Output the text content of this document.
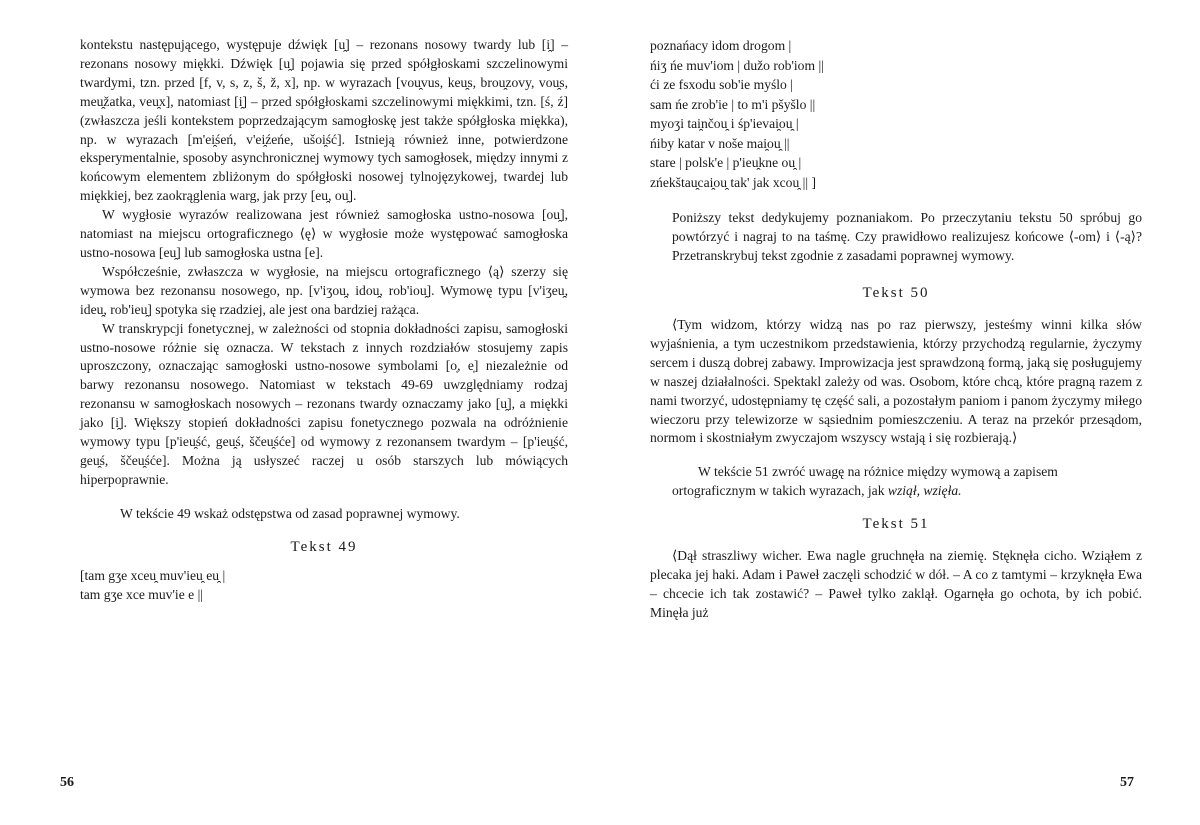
kontekstu następującego, występuje dźwięk [u̯] – rezonans nosowy twardy lub [i̯] – rezonans nosowy miękki. Dźwięk [u̯] pojawia się przed spółgłoskami szczelinowymi twardymi, tzn. przed [f, v, s, z, š, ž, x], np. w wyrazach [vou̯vus, keu̯s, brou̯zovy, vou̯s, meu̯žatka, veu̯x], natomiast [i̯] – przed spółgłoskami szczelinowymi miękkimi, tzn. [ś, ź] (zwłaszcza jeśli kontekstem poprzedzającym samogłoskę jest także spółgłoska miękka), np. w wyrazach [m'ei̯śeń, v'ei̯źeńe, ušoi̯ść]. Istnieją również inne, potwierdzone eksperymentalnie, sposoby asynchronicznej wymowy tych samogłosek, między innymi z końcowym elementem zbliżonym do spółgłoski nosowej tylnojęzykowej, twardej lub miękkiej, bez zaokrąglenia warg, jak przy [eu̯, ou̯].

W wygłosie wyrazów realizowana jest również samogłoska ustno-nosowa [ou̯], natomiast na miejscu ortograficznego ⟨ę⟩ w wygłosie może występować samogłoska ustno-nosowa [eu̯] lub samogłoska ustna [e].

Współcześnie, zwłaszcza w wygłosie, na miejscu ortograficznego ⟨ą⟩ szerzy się wymowa bez rezonansu nosowego, np. [v'iʒou̯, idou̯, rob'iou̯]. Wymowę typu [v'iʒeu̯, ideu̯, rob'ieu̯] spotyka się rzadziej, ale jest ona bardziej rażąca.

W transkrypcji fonetycznej, w zależności od stopnia dokładności zapisu, samogłoski ustno-nosowe różnie się oznacza. W tekstach z innych rozdziałów stosujemy zapis uproszczony, oznaczając samogłoski ustno-nosowe symbolami [o̜, e̜] niezależnie od barwy rezonansu nosowego. Natomiast w tekstach 49-69 uwzględniamy rodzaj rezonansu w samogłoskach nosowych – rezonans twardy oznaczamy jako [u̯], a miękki jako [i̯]. Większy stopień dokładności zapisu fonetycznego pozwala na odróżnienie wymowy typu [p'ieu̯ść, geu̯ś, ščeu̯śće] od wymowy z rezonansem twardym – [p'ieu̯ść, geu̯ś, ščeu̯śće]. Można ją usłyszeć raczej u osób starszych lub mówiących hiperpoprawnie.

W tekście 49 wskaż odstępstwa od zasad poprawnej wymowy.

Tekst 49

[tam gʒe xceu̯ muv'ieu̯ eu̯ |

tam gʒe xce muv'ie e ||

56

poznańacy idom drogom |

ńiʒ ńe muv'iom | dužo rob'iom ||

ći ze fsxodu sob'ie myślo |

sam ńe zrob'ie | to m'i pšyšlo ||

myoʒi tai̯nčou̯ i śp'ievai̯ou̯ |

ńiby katar v noše mai̯ou̯ ||

stare | polsk'e | p'ieu̯kne ou̯ |

zńekštau̯cai̯ou̯ tak' jak xcou̯ || ]

Poniższy tekst dedykujemy poznaniakom. Po przeczytaniu tekstu 50 spróbuj go powtórzyć i nagraj to na taśmę. Czy prawidłowo realizujesz końcowe ⟨-om⟩ i ⟨-ą⟩? Przetranskrybuj tekst zgodnie z zasadami poprawnej wymowy.

Tekst 50

⟨Tym widzom, którzy widzą nas po raz pierwszy, jesteśmy winni kilka słów wyjaśnienia, a tym uczestnikom przedstawienia, którzy przychodzą regularnie, życzymy sercem i duszą dobrej zabawy. Improwizacja jest sprawdzoną formą, jaką się posługujemy w naszej działalności. Spektakl zależy od was. Osobom, które chcą, które pragną razem z nami tworzyć, udostępniamy tę część sali, a pozostałym paniom i panom życzymy miłego wieczoru przy telewizorze w sąsiednim pomieszczeniu. A teraz na przekór przesądom, normom i skostniałym zwyczajom wszyscy wstają i się rozbierają.⟩

W tekście 51 zwróć uwagę na różnice między wymową a zapisem ortograficznym w takich wyrazach, jak wziął, wzięła.

Tekst 51

⟨Dął straszliwy wicher. Ewa nagle gruchnęła na ziemię. Stęknęła cicho. Wziąłem z plecaka jej haki. Adam i Paweł zaczęli schodzić w dół. – A co z tamtymi – krzyknęła Ewa – chcecie ich tak zostawić? – Paweł tylko zaklął. Ogarnęła go ochota, by ich pobić. Minęła już

57
